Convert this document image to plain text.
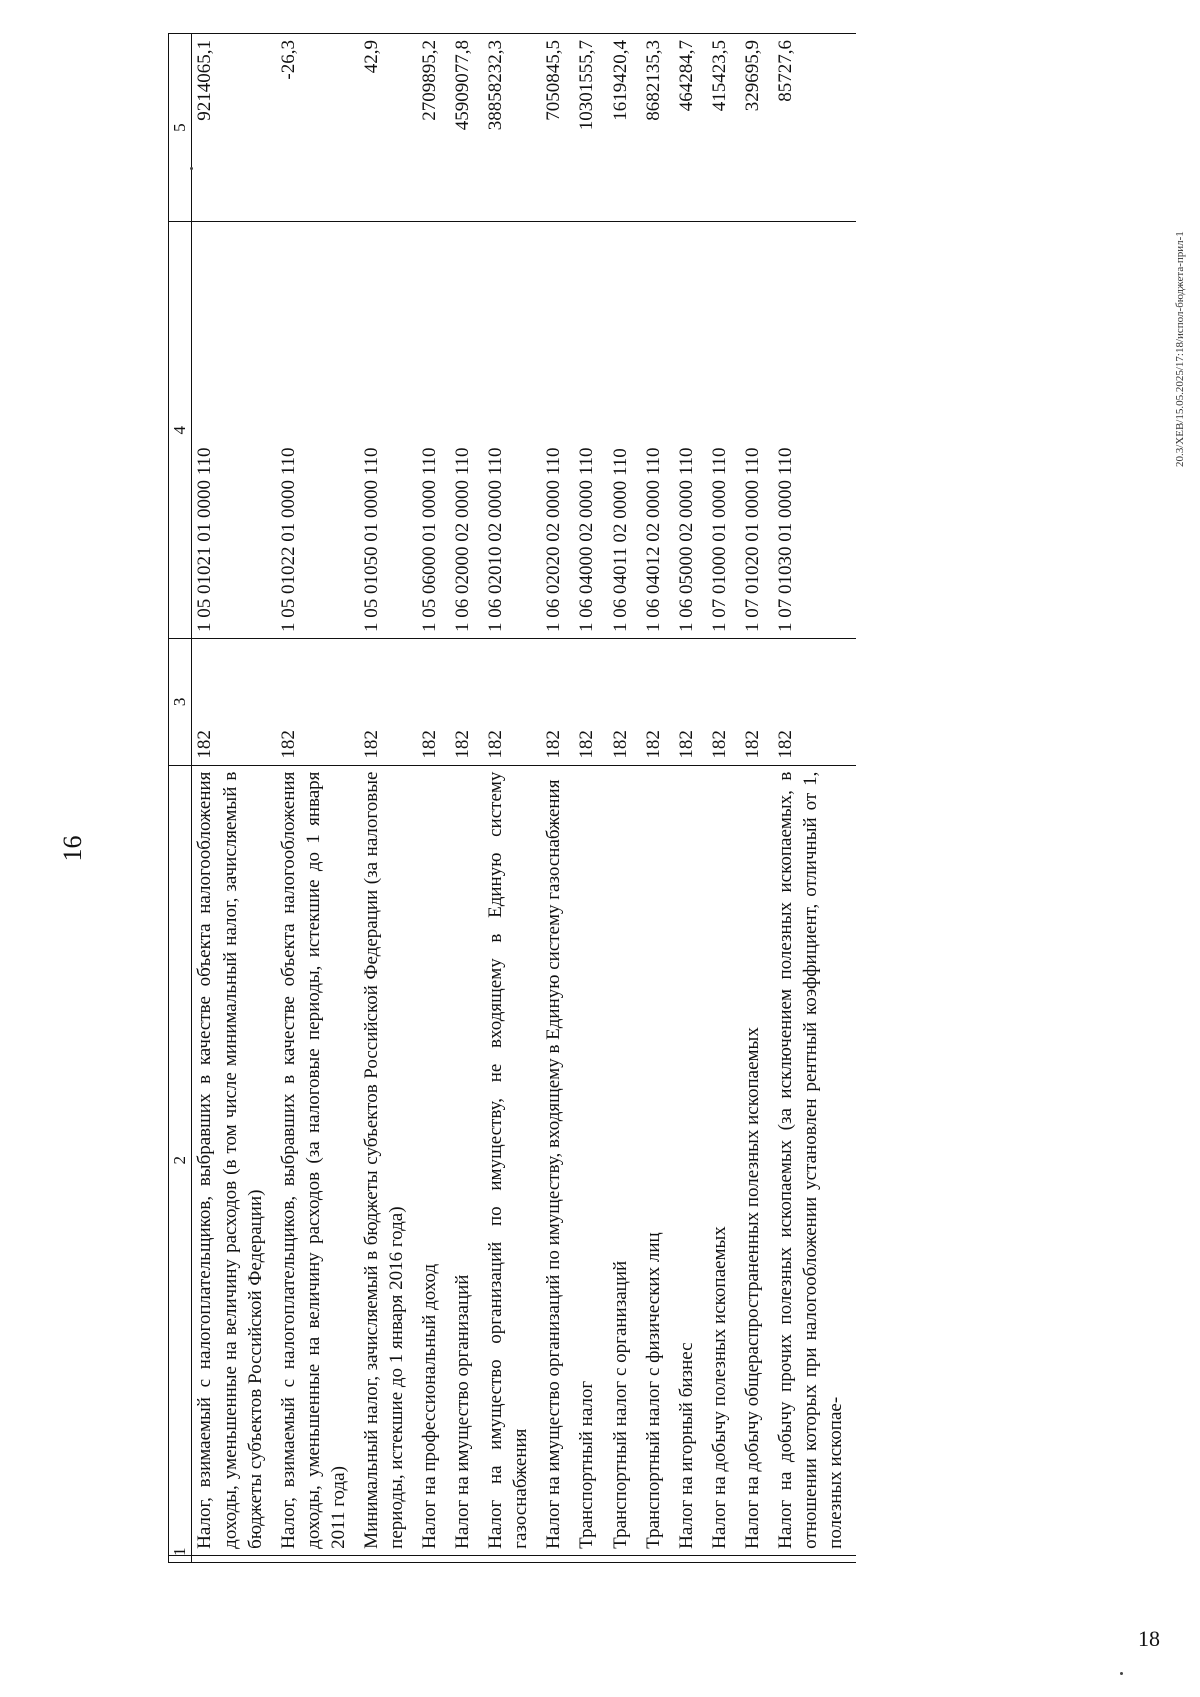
16
1	2	3	4	5
	Налог, взимаемый с налогоплательщиков, выбравших в качестве объекта налогообложения доходы, уменьшенные на величину расходов (в том числе минимальный налог, зачисляемый в бюджеты субъектов Российской Федерации)	182	1 05 01021 01 0000 110	9214065,1
	Налог, взимаемый с налогоплательщиков, выбравших в качестве объекта налогообложения доходы, уменьшенные на величину расходов (за налоговые периоды, истекшие до 1 января 2011 года)	182	1 05 01022 01 0000 110	-26,3
	Минимальный налог, зачисляемый в бюджеты субъектов Российской Федерации (за налоговые периоды, истекшие до 1 января 2016 года)	182	1 05 01050 01 0000 110	42,9
	Налог на профессиональный доход	182	1 05 06000 01 0000 110	2709895,2
	Налог на имущество организаций	182	1 06 02000 02 0000 110	45909077,8
	Налог на имущество организаций по имуществу, не входящему в Единую систему газоснабжения	182	1 06 02010 02 0000 110	38858232,3
	Налог на имущество организаций по имуществу, входящему в Единую систему газоснабжения	182	1 06 02020 02 0000 110	7050845,5
	Транспортный налог	182	1 06 04000 02 0000 110	10301555,7
	Транспортный налог с организаций	182	1 06 04011 02 0000 110	1619420,4
	Транспортный налог с физических лиц	182	1 06 04012 02 0000 110	8682135,3
	Налог на игорный бизнес	182	1 06 05000 02 0000 110	464284,7
	Налог на добычу полезных ископаемых	182	1 07 01000 01 0000 110	415423,5
	Налог на добычу общераспространенных полезных ископаемых	182	1 07 01020 01 0000 110	329695,9
	Налог на добычу прочих полезных ископаемых (за исключением полезных ископаемых, в отношении которых при налогообложении установлен рентный коэффициент, отличный от 1, полезных ископае-	182	1 07 01030 01 0000 110	85727,6
20.3/ХЕВ/15.05.2025/17:18/испол-бюджета-прил-1
18
